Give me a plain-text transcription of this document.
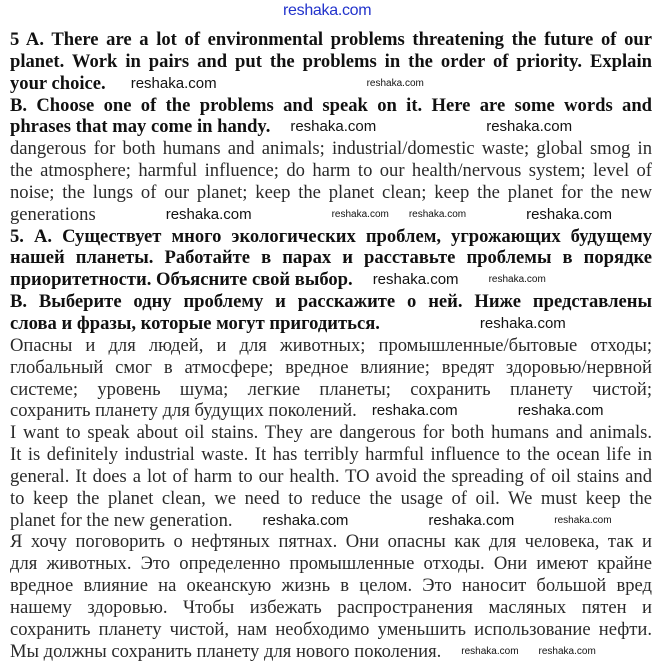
reshaka.com
5 A. There are a lot of environmental problems threatening the future of our
planet. Work in pairs and put the problems in the order of priority. Explain
your choice. reshaka.com	reshaka.com
B. Choose one of the problems and speak on it. Here are some words and
phrases that may come in handy. reshaka.com	reshaka.com
dangerous for both humans and animals; industrial/domestic waste; global smog in
the atmosphere; harmful influence; do harm to our health/nervous system; level of
noise; the lungs of our planet; keep the planet clean; keep the planet for the new
generations	reshaka.com	reshaka.com reshaka.com	reshaka.com
5. А. Существует много экологических проблем, угрожающих будущему
нашей планеты. Работайте в парах и расставьте проблемы в порядке
приоритетности. Объясните свой выбор. reshaka.com	reshaka.com
В. Выберите одну проблему и расскажите о ней. Ниже представлены
слова и фразы, которые могут пригодиться.	reshaka.com
Опасны и для людей, и для животных; промышленные/бытовые отходы;
глобальный смог в атмосфере; вредное влияние; вредят здоровью/нервной
системе; уровень шума; легкие планеты; сохранить планету чистой;
сохранить планету для будущих поколений. reshaka.com	reshaka.com
I want to speak about oil stains. They are dangerous for both humans and animals.
It is definitely industrial waste. It has terribly harmful influence to the ocean life in
general. It does a lot of harm to our health. TO avoid the spreading of oil stains and
to keep the planet clean, we need to reduce the usage of oil. We must keep the
planet for the new generation. reshaka.com	reshaka.com	reshaka.com
Я хочу поговорить о нефтяных пятнах. Они опасны как для человека, так и
для животных. Это определенно промышленные отходы. Они имеют крайне
вредное влияние на океанскую жизнь в целом. Это наносит большой вред
нашему здоровью. Чтобы избежать распространения масляных пятен и
сохранить планету чистой, нам необходимо уменьшить использование нефти.
Мы должны сохранить планету для нового поколения. reshaka.com reshaka.com
